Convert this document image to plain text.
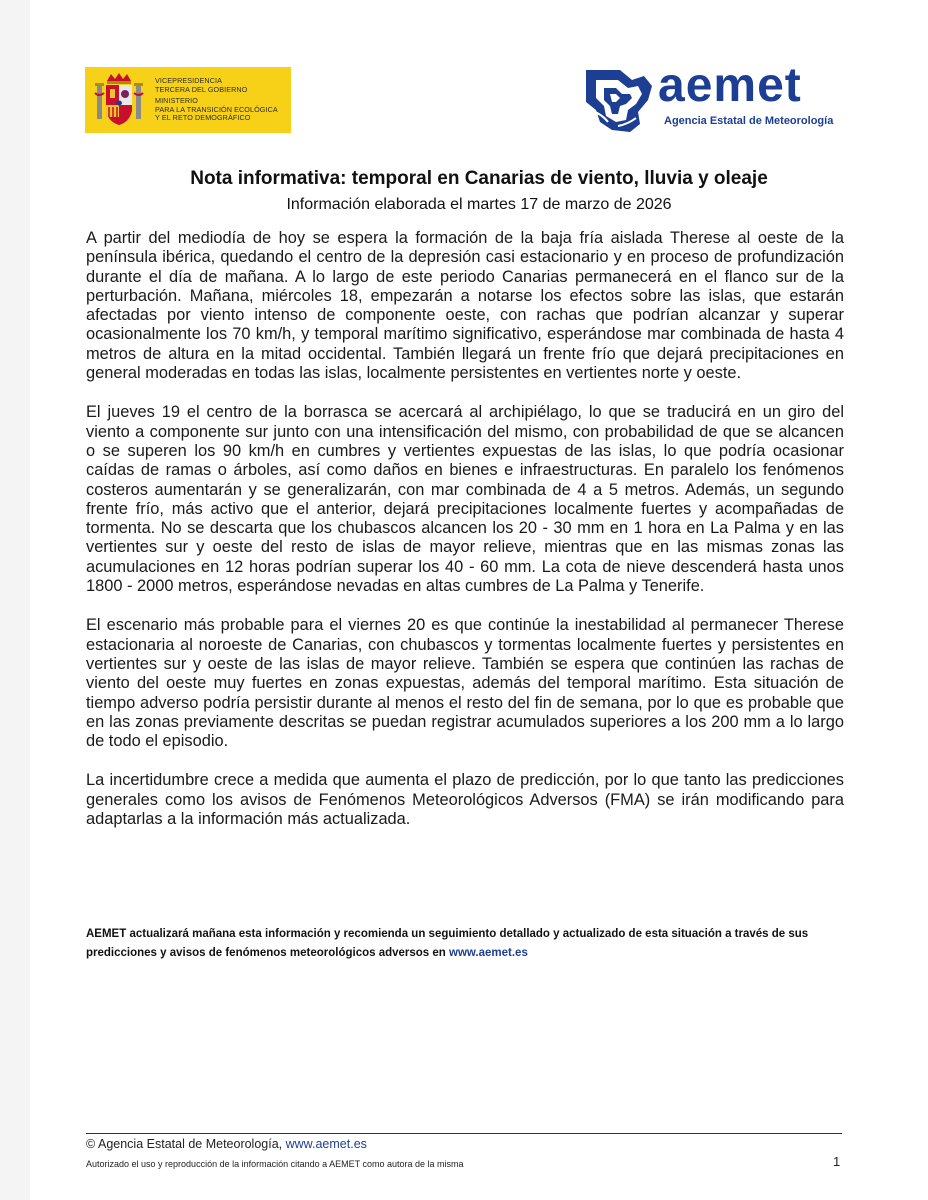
VICEPRESIDENCIA
TERCERA DEL GOBIERNO
MINISTERIO
PARA LA TRANSICIÓN ECOLÓGICA
Y EL RETO DEMOGRÁFICO
aemet
Agencia Estatal de Meteorología
Nota informativa: temporal en Canarias de viento, lluvia y oleaje
Información elaborada el martes 17 de marzo de 2026

A partir del mediodía de hoy se espera la formación de la baja fría aislada Therese al oeste de la península ibérica, quedando el centro de la depresión casi estacionario y en proceso de profundización durante el día de mañana. A lo largo de este periodo Canarias permanecerá en el flanco sur de la perturbación. Mañana, miércoles 18, empezarán a notarse los efectos sobre las islas, que estarán afectadas por viento intenso de componente oeste, con rachas que podrían alcanzar y superar ocasionalmente los 70 km/h, y temporal marítimo significativo, esperándose mar combinada de hasta 4 metros de altura en la mitad occidental. También llegará un frente frío que dejará precipitaciones en general moderadas en todas las islas, localmente persistentes en vertientes norte y oeste.

El jueves 19 el centro de la borrasca se acercará al archipiélago, lo que se traducirá en un giro del viento a componente sur junto con una intensificación del mismo, con probabilidad de que se alcancen o se superen los 90 km/h en cumbres y vertientes expuestas de las islas, lo que podría ocasionar caídas de ramas o árboles, así como daños en bienes e infraestructuras. En paralelo los fenómenos costeros aumentarán y se generalizarán, con mar combinada de 4 a 5 metros. Además, un segundo frente frío, más activo que el anterior, dejará precipitaciones localmente fuertes y acompañadas de tormenta. No se descarta que los chubascos alcancen los 20 - 30 mm en 1 hora en La Palma y en las vertientes sur y oeste del resto de islas de mayor relieve, mientras que en las mismas zonas las acumulaciones en 12 horas podrían superar los 40 - 60 mm. La cota de nieve descenderá hasta unos 1800 - 2000 metros, esperándose nevadas en altas cumbres de La Palma y Tenerife.

El escenario más probable para el viernes 20 es que continúe la inestabilidad al permanecer Therese estacionaria al noroeste de Canarias, con chubascos y tormentas localmente fuertes y persistentes en vertientes sur y oeste de las islas de mayor relieve. También se espera que continúen las rachas de viento del oeste muy fuertes en zonas expuestas, además del temporal marítimo. Esta situación de tiempo adverso podría persistir durante al menos el resto del fin de semana, por lo que es probable que en las zonas previamente descritas se puedan registrar acumulados superiores a los 200 mm a lo largo de todo el episodio.

La incertidumbre crece a medida que aumenta el plazo de predicción, por lo que tanto las predicciones generales como los avisos de Fenómenos Meteorológicos Adversos (FMA) se irán modificando para adaptarlas a la información más actualizada.

AEMET actualizará mañana esta información y recomienda un seguimiento detallado y actualizado de esta situación a través de sus predicciones y avisos de fenómenos meteorológicos adversos en www.aemet.es
© Agencia Estatal de Meteorología, www.aemet.es
Autorizado el uso y reproducción de la información citando a AEMET como autora de la misma	1
